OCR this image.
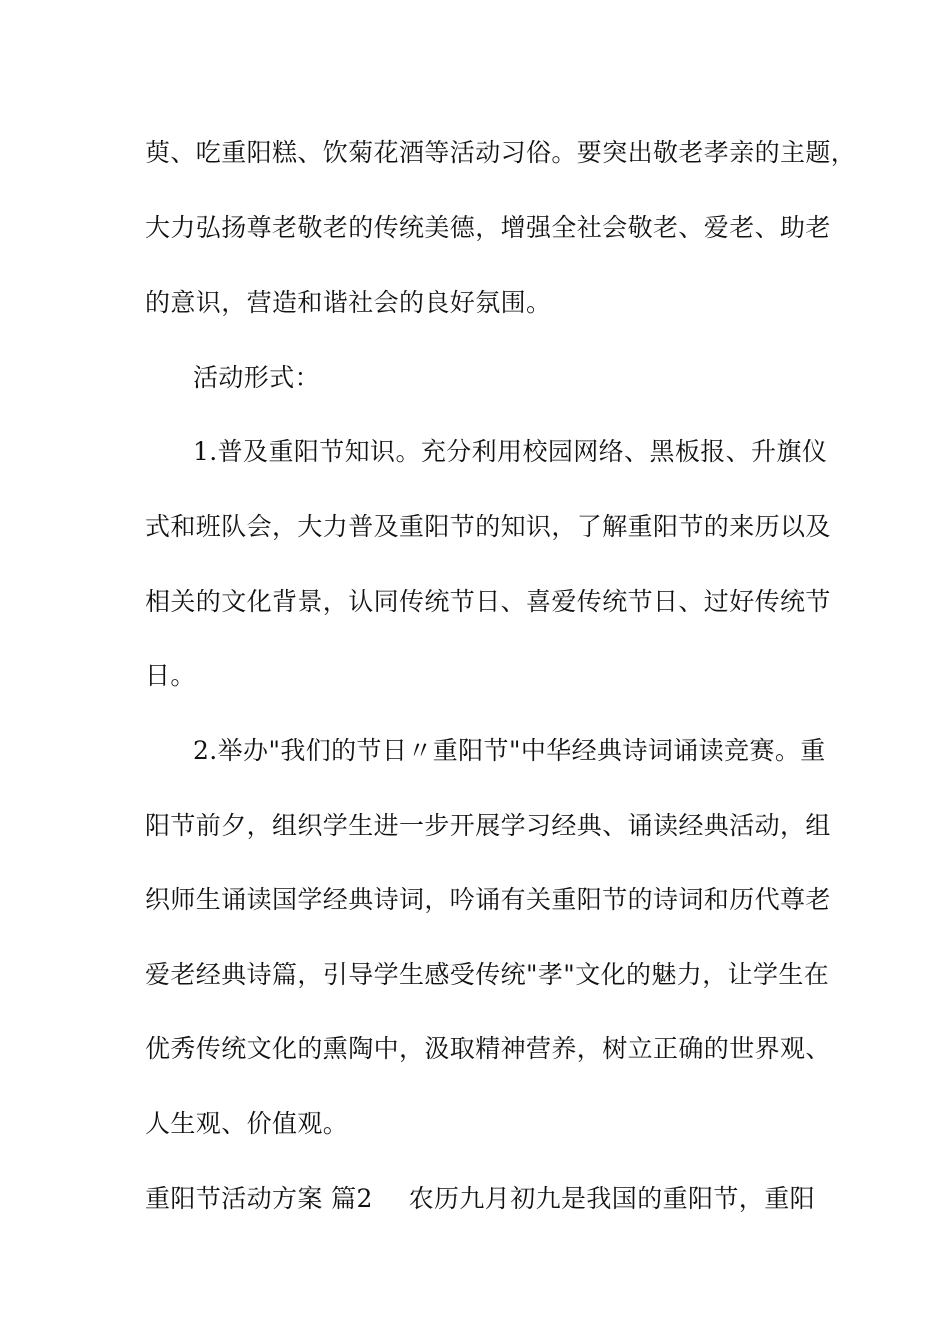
萸、吃重阳糕、饮菊花酒等活动习俗。要突出敬老孝亲的主题，
大力弘扬尊老敬老的传统美德，增强全社会敬老、爱老、助老
的意识，营造和谐社会的良好氛围。
活动形式：
1.普及重阳节知识。充分利用校园网络、黑板报、升旗仪
式和班队会，大力普及重阳节的知识，了解重阳节的来历以及
相关的文化背景，认同传统节日、喜爱传统节日、过好传统节
日。
2.举办"我们的节日〃重阳节"中华经典诗词诵读竞赛。重
阳节前夕，组织学生进一步开展学习经典、诵读经典活动，组
织师生诵读国学经典诗词，吟诵有关重阳节的诗词和历代尊老
爱老经典诗篇，引导学生感受传统"孝"文化的魅力，让学生在
优秀传统文化的熏陶中，汲取精神营养，树立正确的世界观、
人生观、价值观。
重阳节活动方案 篇2 农历九月初九是我国的重阳节，重阳
